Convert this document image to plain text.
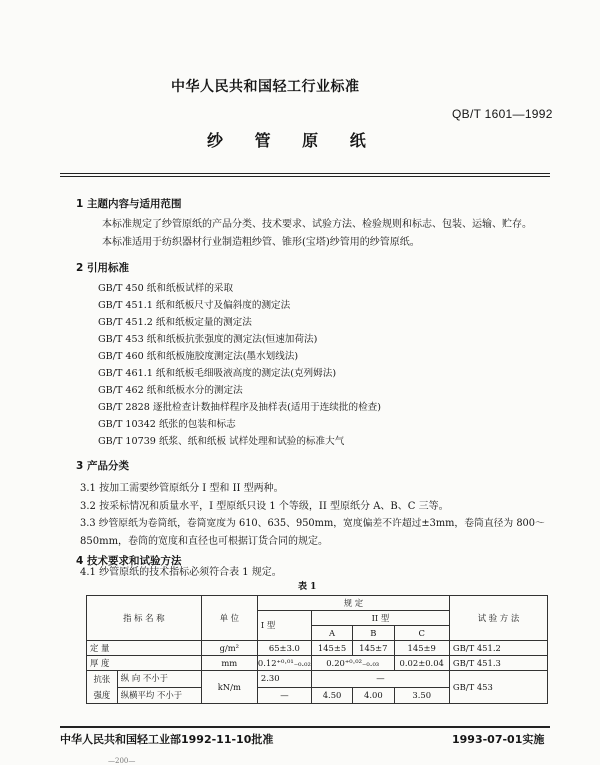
中华人民共和国轻工行业标准
QB/T 1601—1992
纱 管 原 纸
1 主题内容与适用范围
本标准规定了纱管原纸的产品分类、技术要求、试验方法、检验规则和标志、包装、运输、贮存。
本标准适用于纺织器材行业制造粗纱管、锥形(宝塔)纱管用的纱管原纸。
2 引用标准
GB/T 450 纸和纸板试样的采取
GB/T 451.1 纸和纸板尺寸及偏斜度的测定法
GB/T 451.2 纸和纸板定量的测定法
GB/T 453 纸和纸板抗张强度的测定法(恒速加荷法)
GB/T 460 纸和纸板施胶度测定法(墨水划线法)
GB/T 461.1 纸和纸板毛细吸液高度的测定法(克列姆法)
GB/T 462 纸和纸板水分的测定法
GB/T 2828 逐批检查计数抽样程序及抽样表(适用于连续批的检查)
GB/T 10342 纸张的包装和标志
GB/T 10739 纸浆、纸和纸板 试样处理和试验的标准大气
3 产品分类
3.1 按加工需要纱管原纸分 I 型和 II 型两种。
3.2 按采标情况和质量水平，I 型原纸只设 1 个等级，II 型原纸分 A、B、C 三等。
3.3 纱管原纸为卷筒纸，卷筒宽度为 610、635、950mm，宽度偏差不许超过±3mm，卷筒直径为 800～
850mm，卷筒的宽度和直径也可根据订货合同的规定。
4 技术要求和试验方法
4.1 纱管原纸的技术指标必须符合表 1 规定。
表 1
指 标 名 称		单 位	规 定				试 验 方 法
			I 型	II 型			
				A	B	C	
定 量		g/m²	65±3.0	145±5	145±7	145±9	GB/T 451.2
厚 度		mm	0.12⁺⁰·⁰¹₋₀.₀₂	0.20⁺⁰·⁰²₋₀.₀₃		0.02±0.04	GB/T 451.3
抗张
强度	纵 向 不小于	kN/m	2.30	—			GB/T 453
	纵横平均 不小于		—	4.50	4.00	3.50	
中华人民共和国轻工业部1992-11-10批准	1993-07-01实施
—200—
